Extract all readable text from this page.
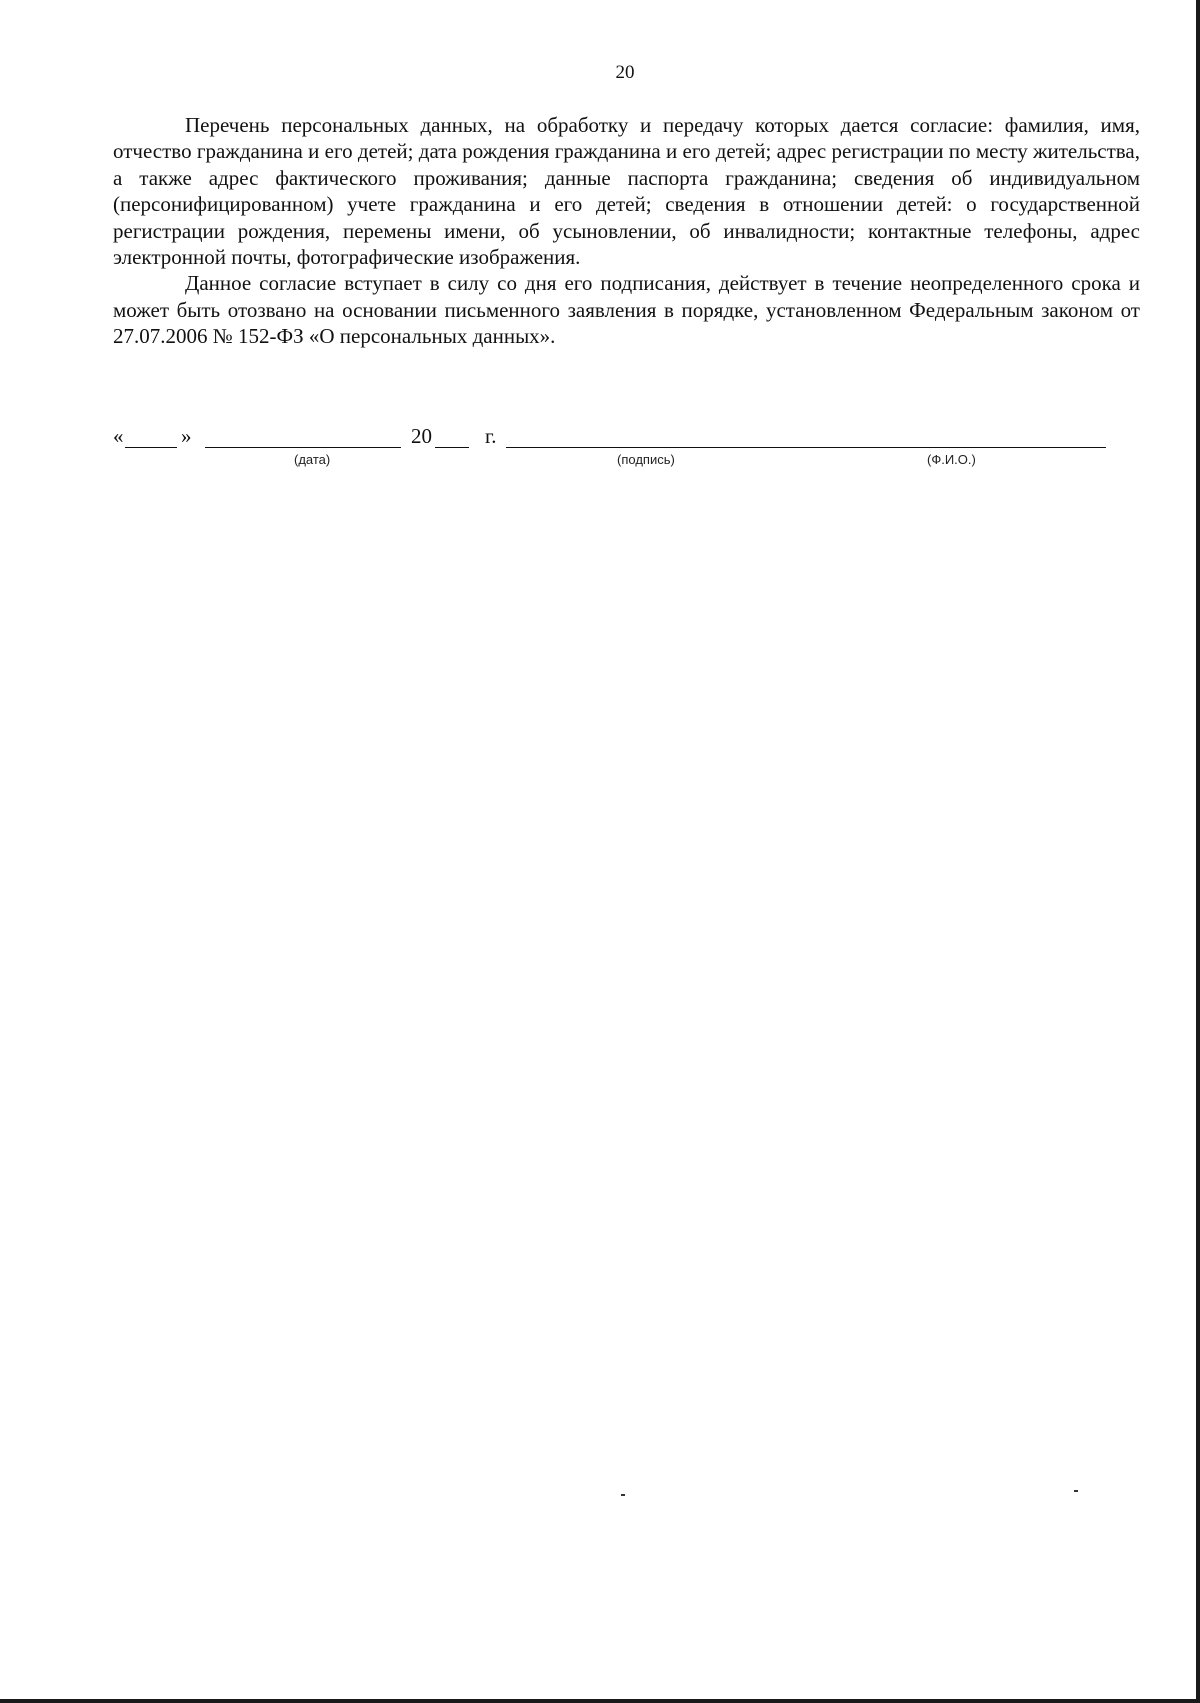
20

Перечень персональных данных, на обработку и передачу которых дается согласие: фамилия, имя, отчество гражданина и его детей; дата рождения гражданина и его детей; адрес регистрации по месту жительства, а также адрес фактического проживания; данные паспорта гражданина; сведения об индивидуальном (персонифицированном) учете гражданина и его детей; сведения в отношении детей: о государственной регистрации рождения, перемены имени, об усыновлении, об инвалидности; контактные телефоны, адрес электронной почты, фотографические изображения.

Данное согласие вступает в силу со дня его подписания, действует в течение неопределенного срока и может быть отозвано на основании письменного заявления в порядке, установленном Федеральным законом от 27.07.2006 № 152-ФЗ «О персональных данных».

«	»	20	г.
(дата)	(подпись)	(Ф.И.О.)
